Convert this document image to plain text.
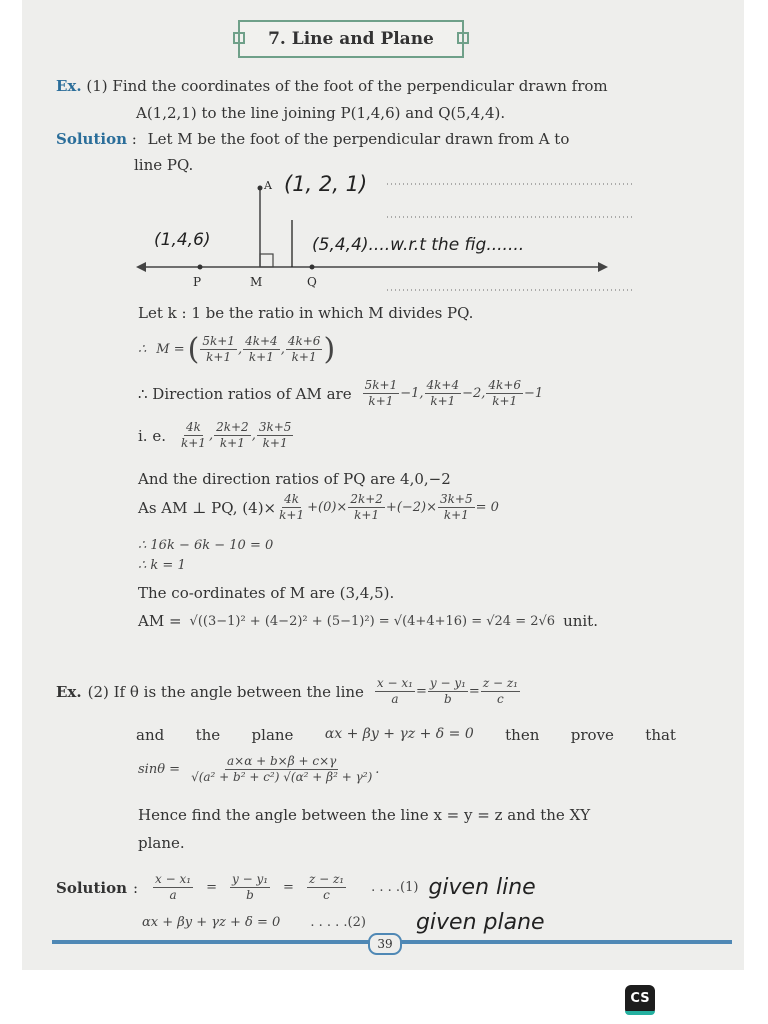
7. Line and Plane
Ex. (1) Find the coordinates of the foot of the perpendicular drawn from
A(1,2,1) to the line joining P(1,4,6) and Q(5,4,4).
Solution : Let M be the foot of the perpendicular drawn from A to
line PQ.
A (1, 2, 1)
(1,4,6)	(5,4,4)....w.r.t the fig.......
P	M	Q
Let k : 1 be the ratio in which M divides PQ.
∴ M = ( $\frac{5k+1}{k+1}$ , $\frac{4k+4}{k+1}$ , $\frac{4k+6}{k+1}$ )
∴ Direction ratios of AM are $\frac{5k+1}{k+1} -1$, $\frac{4k+4}{k+1} -2$, $\frac{4k+6}{k+1} -1$
i. e. $\frac{4k}{k+1}$ , $\frac{2k+2}{k+1}$ , $\frac{3k+5}{k+1}$
And the direction ratios of PQ are 4,0,−2
As AM ⊥ PQ, $(4)\times \frac{4k}{k+1} +(0)\times \frac{2k+2}{k+1} +(-2)\times \frac{3k+5}{k+1} = 0$
∴ 16k − 6k − 10 = 0
∴ k = 1
The co-ordinates of M are (3,4,5).
AM = √((3−1)² + (4−2)² + (5−1)²) = √(4+4+16) = √24 = 2√6 unit.
Ex. (2) If θ is the angle between the line $\frac{\text{x − x₁}}{a} = \frac{\text{y − y₁}}{b} = \frac{\text{z − z₁}}{c}$
and the plane αx + βy + γz + δ = 0 then prove that
$\sin\theta = \frac{a\times\alpha + b\times\beta + c\times\gamma}{\text{√(a² + b² + c²) √(α² + β² + γ²)}}$ .
Hence find the angle between the line x = y = z and the XY
plane.
Solution : $\frac{\text{x − x₁}}{a} = \frac{\text{y − y₁}}{b} = \frac{\text{z − z₁}}{c}$ . . . .(1) given line
αx + βy + γz + δ = 0 . . . . .(2) given plane
39
CS
